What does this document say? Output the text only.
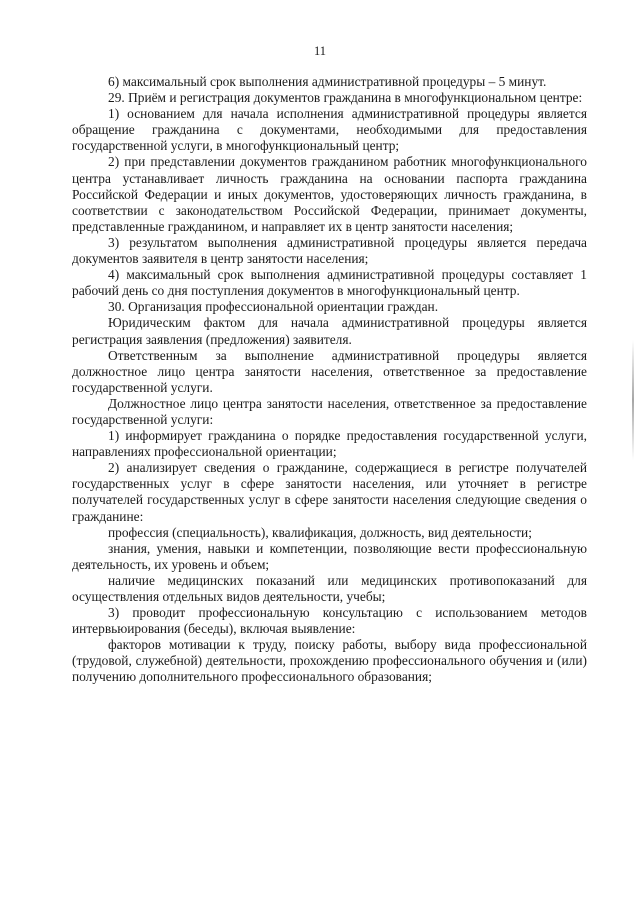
11

6) максимальный срок выполнения административной процедуры – 5 минут.

29. Приём и регистрация документов гражданина в многофункциональном центре:

1) основанием для начала исполнения административной процедуры является обращение гражданина с документами, необходимыми для предоставления государственной услуги, в многофункциональный центр;

2) при представлении документов гражданином работник многофункционального центра устанавливает личность гражданина на основании паспорта гражданина Российской Федерации и иных документов, удостоверяющих личность гражданина, в соответствии с законодательством Российской Федерации, принимает документы, представленные гражданином, и направляет их в центр занятости населения;

3) результатом выполнения административной процедуры является передача документов заявителя в центр занятости населения;

4) максимальный срок выполнения административной процедуры составляет 1 рабочий день со дня поступления документов в многофункциональный центр.

30. Организация профессиональной ориентации граждан.

Юридическим фактом для начала административной процедуры является регистрация заявления (предложения) заявителя.

Ответственным за выполнение административной процедуры является должностное лицо центра занятости населения, ответственное за предоставление государственной услуги.

Должностное лицо центра занятости населения, ответственное за предоставление государственной услуги:

1) информирует гражданина о порядке предоставления государственной услуги, направлениях профессиональной ориентации;

2) анализирует сведения о гражданине, содержащиеся в регистре получателей государственных услуг в сфере занятости населения, или уточняет в регистре получателей государственных услуг в сфере занятости населения следующие сведения о гражданине:

профессия (специальность), квалификация, должность, вид деятельности;

знания, умения, навыки и компетенции, позволяющие вести профессиональную деятельность, их уровень и объем;

наличие медицинских показаний или медицинских противопоказаний для осуществления отдельных видов деятельности, учебы;

3) проводит профессиональную консультацию с использованием методов интервьюирования (беседы), включая выявление:

факторов мотивации к труду, поиску работы, выбору вида профессиональной (трудовой, служебной) деятельности, прохождению профессионального обучения и (или) получению дополнительного профессионального образования;
